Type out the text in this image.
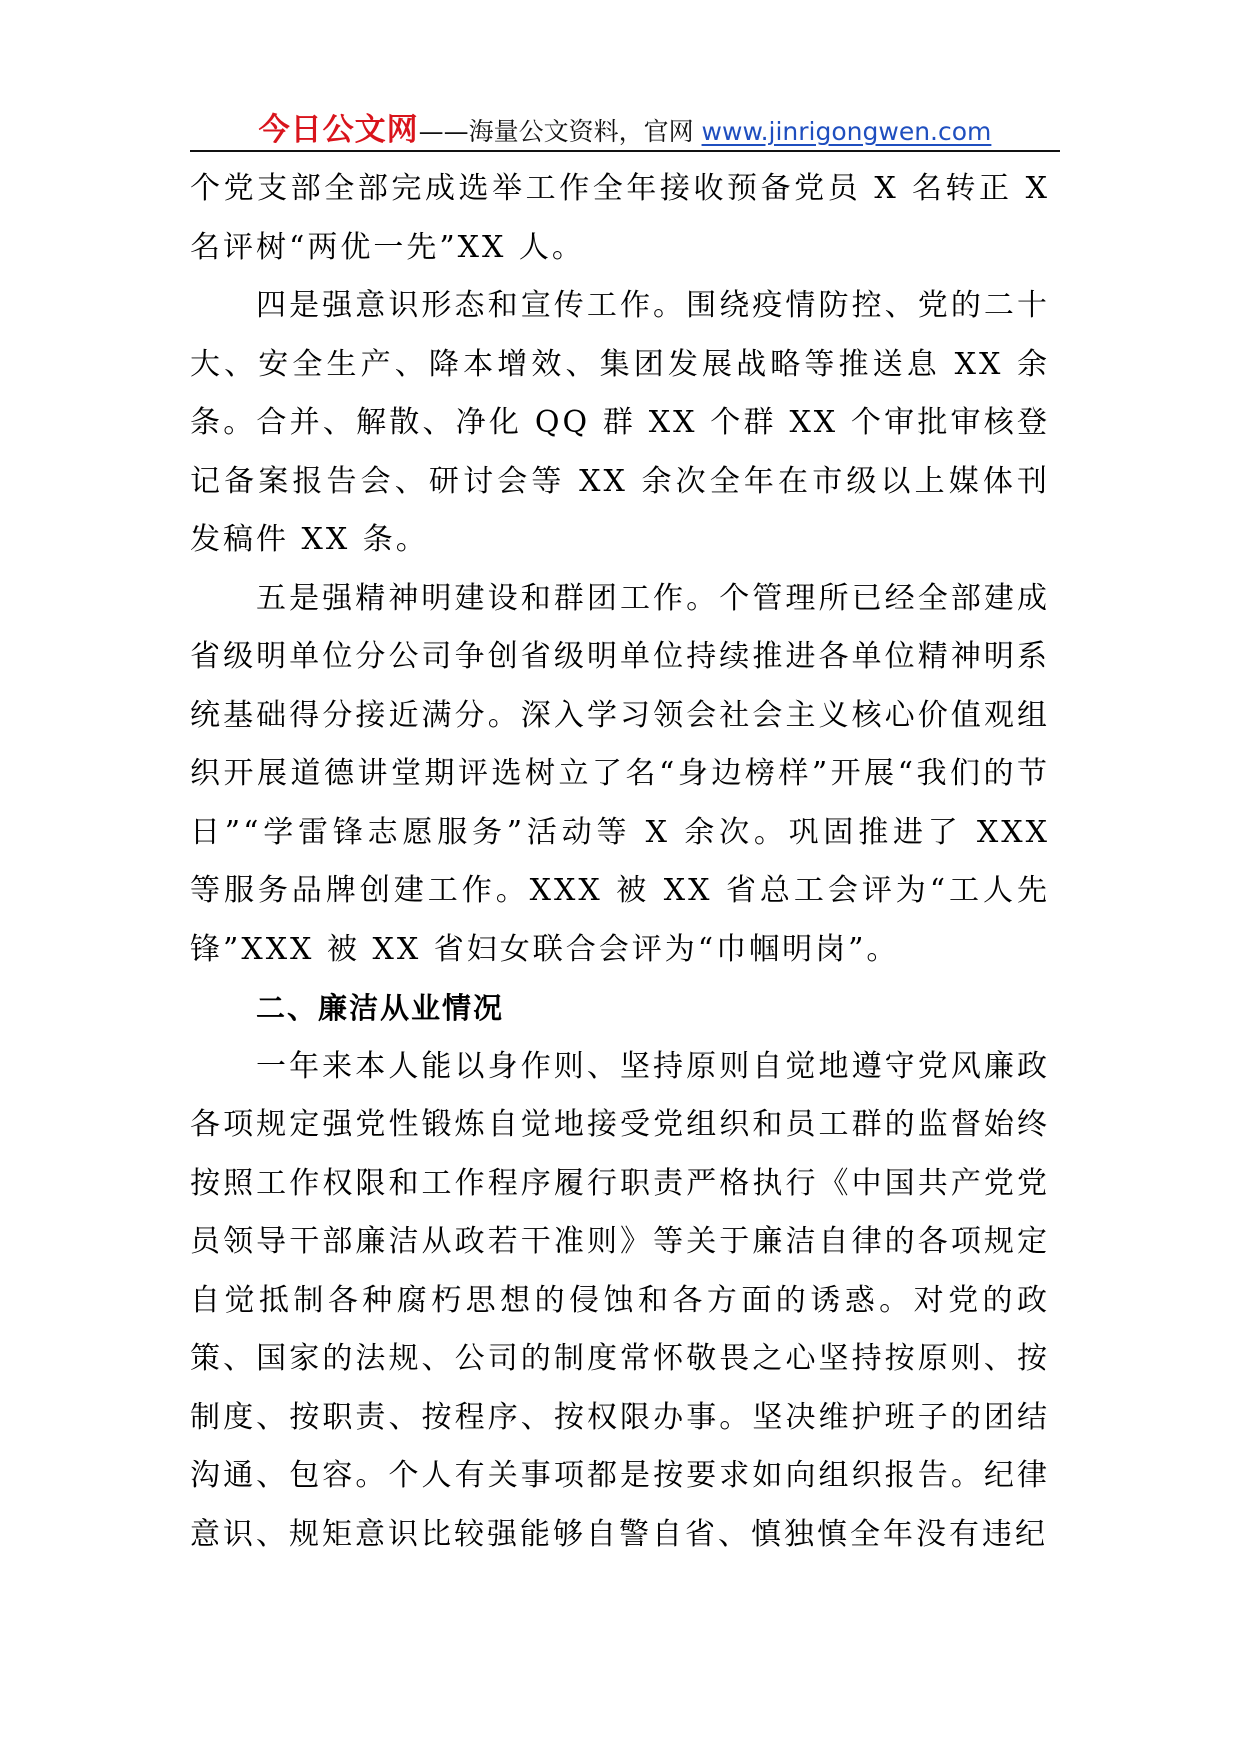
今日公文网——海量公文资料，官网 www.jinrigongwen.com

个党支部全部完成选举工作全年接收预备党员 X 名转正 X 名评树“两优一先”XX 人。

四是强意识形态和宣传工作。围绕疫情防控、党的二十大、安全生产、降本增效、集团发展战略等推送息 XX 余条。合并、解散、净化 QQ 群 XX 个群 XX 个审批审核登记备案报告会、研讨会等 XX 余次全年在市级以上媒体刊发稿件 XX 条。

五是强精神明建设和群团工作。个管理所已经全部建成省级明单位分公司争创省级明单位持续推进各单位精神明系统基础得分接近满分。深入学习领会社会主义核心价值观组织开展道德讲堂期评选树立了名“身边榜样”开展“我们的节日”“学雷锋志愿服务”活动等 X 余次。巩固推进了 XXX 等服务品牌创建工作。XXX 被 XX 省总工会评为“工人先锋”XXX 被 XX 省妇女联合会评为“巾帼明岗”。

二、廉洁从业情况

一年来本人能以身作则、坚持原则自觉地遵守党风廉政各项规定强党性锻炼自觉地接受党组织和员工群的监督始终按照工作权限和工作程序履行职责严格执行《中国共产党党员领导干部廉洁从政若干准则》等关于廉洁自律的各项规定自觉抵制各种腐朽思想的侵蚀和各方面的诱惑。对党的政策、国家的法规、公司的制度常怀敬畏之心坚持按原则、按制度、按职责、按程序、按权限办事。坚决维护班子的团结沟通、包容。个人有关事项都是按要求如向组织报告。纪律意识、规矩意识比较强能够自警自省、慎独慎全年没有违纪
